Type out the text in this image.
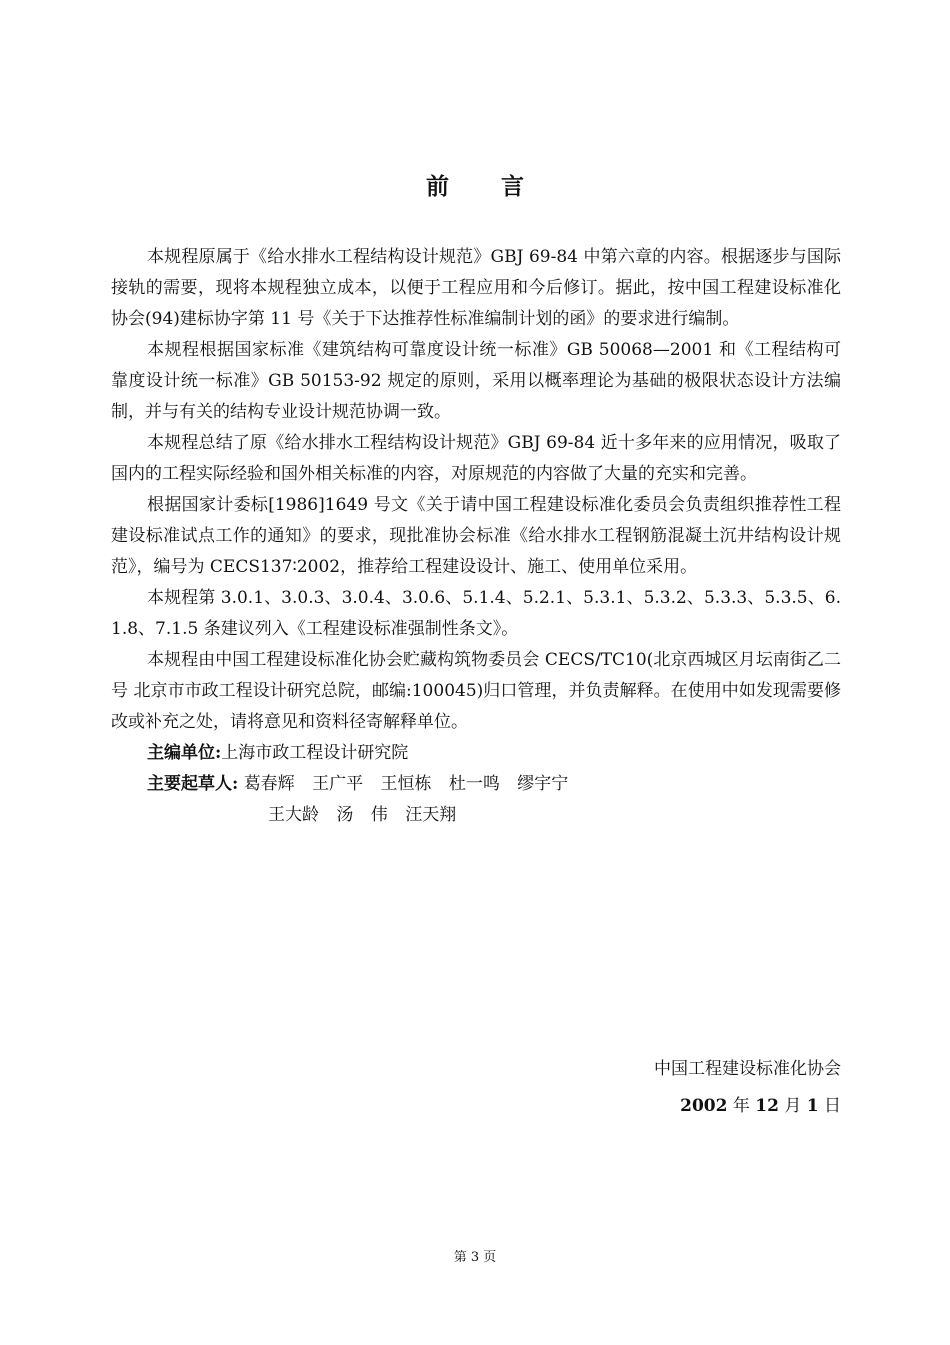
前 言

本规程原属于《给水排水工程结构设计规范》GBJ 69-84 中第六章的内容。根据逐步与国际接轨的需要，现将本规程独立成本，以便于工程应用和今后修订。据此，按中国工程建设标准化协会(94)建标协字第 11 号《关于下达推荐性标准编制计划的函》的要求进行编制。

本规程根据国家标准《建筑结构可靠度设计统一标准》GB 50068—2001 和《工程结构可靠度设计统一标准》GB 50153-92 规定的原则，采用以概率理论为基础的极限状态设计方法编制，并与有关的结构专业设计规范协调一致。

本规程总结了原《给水排水工程结构设计规范》GBJ 69-84 近十多年来的应用情况，吸取了国内的工程实际经验和国外相关标准的内容，对原规范的内容做了大量的充实和完善。

根据国家计委标[1986]1649 号文《关于请中国工程建设标准化委员会负责组织推荐性工程建设标准试点工作的通知》的要求，现批准协会标准《给水排水工程钢筋混凝土沉井结构设计规范》，编号为 CECS137∶2002，推荐给工程建设设计、施工、使用单位采用。

本规程第 3.0.1、3.0.3、3.0.4、3.0.6、5.1.4、5.2.1、5.3.1、5.3.2、5.3.3、5.3.5、6.1.8、7.1.5 条建议列入《工程建设标准强制性条文》。

本规程由中国工程建设标准化协会贮藏构筑物委员会 CECS/TC10(北京西城区月坛南街乙二号 北京市市政工程设计研究总院，邮编:100045)归口管理，并负责解释。在使用中如发现需要修改或补充之处，请将意见和资料径寄解释单位。

主编单位:上海市政工程设计研究院

主要起草人: 葛春辉 王广平 王恒栋 杜一鸣 缪宇宁

王大龄 汤 伟 汪天翔

中国工程建设标准化协会
2002 年 12 月 1 日
第 3 页
